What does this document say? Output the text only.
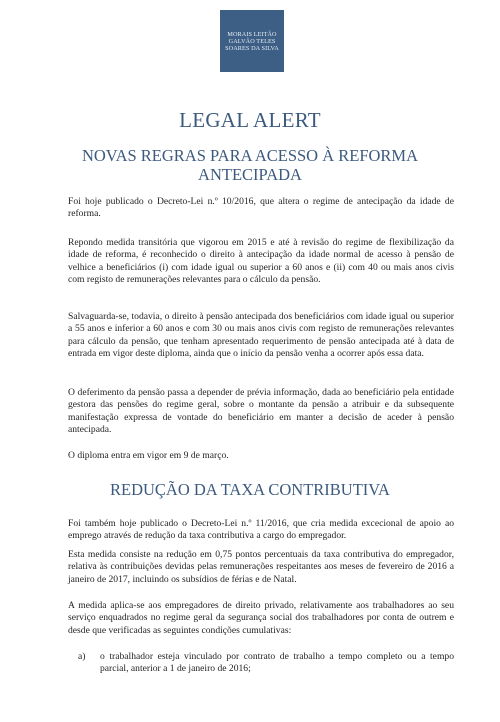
MORAIS LEITÃO
GALVÃO TELES
SOARES DA SILVA
LEGAL ALERT
NOVAS REGRAS PARA ACESSO À REFORMA ANTECIPADA

Foi hoje publicado o Decreto-Lei n.º 10/2016, que altera o regime de antecipação da idade de reforma.

Repondo medida transitória que vigorou em 2015 e até à revisão do regime de flexibilização da idade de reforma, é reconhecido o direito à antecipação da idade normal de acesso à pensão de velhice a beneficiários (i) com idade igual ou superior a 60 anos e (ii) com 40 ou mais anos civis com registo de remunerações relevantes para o cálculo da pensão.

Salvaguarda-se, todavia, o direito à pensão antecipada dos beneficiários com idade igual ou superior a 55 anos e inferior a 60 anos e com 30 ou mais anos civis com registo de remunerações relevantes para cálculo da pensão, que tenham apresentado requerimento de pensão antecipada até à data de entrada em vigor deste diploma, ainda que o início da pensão venha a ocorrer após essa data.

O deferimento da pensão passa a depender de prévia informação, dada ao beneficiário pela entidade gestora das pensões do regime geral, sobre o montante da pensão a atribuir e da subsequente manifestação expressa de vontade do beneficiário em manter a decisão de aceder à pensão antecipada.

O diploma entra em vigor em 9 de março.

REDUÇÃO DA TAXA CONTRIBUTIVA

Foi também hoje publicado o Decreto-Lei n.º 11/2016, que cria medida excecional de apoio ao emprego através de redução da taxa contributiva a cargo do empregador.

Esta medida consiste na redução em 0,75 pontos percentuais da taxa contributiva do empregador, relativa às contribuições devidas pelas remunerações respeitantes aos meses de fevereiro de 2016 a janeiro de 2017, incluindo os subsídios de férias e de Natal.

A medida aplica-se aos empregadores de direito privado, relativamente aos trabalhadores ao seu serviço enquadrados no regime geral da segurança social dos trabalhadores por conta de outrem e desde que verificadas as seguintes condições cumulativas:

a) o trabalhador esteja vinculado por contrato de trabalho a tempo completo ou a tempo parcial, anterior a 1 de janeiro de 2016;
